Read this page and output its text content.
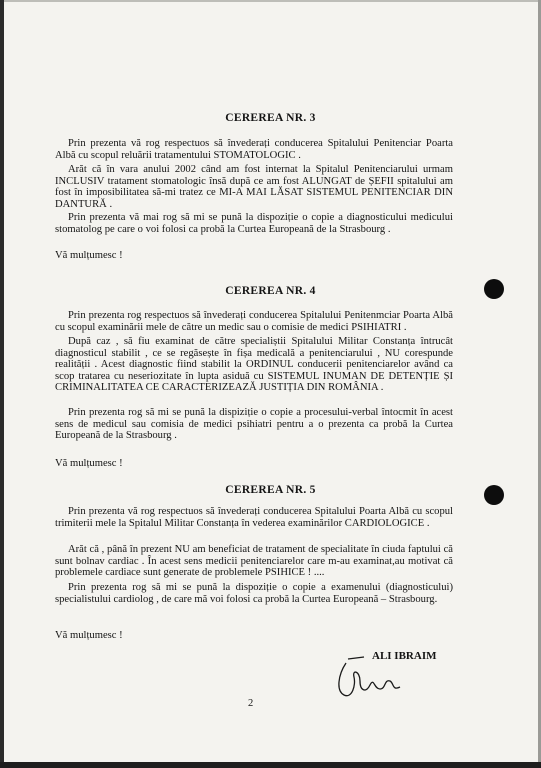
CEREREA NR. 3

Prin prezenta vă rog respectuos să învederați conducerea Spitalului Penitenciar Poarta Albă cu scopul reluării tratamentului STOMATOLOGIC .

Arăt că în vara anului 2002 când am fost internat la Spitalul Penitenciarului urmam INCLUSIV tratament stomatologic însă după ce am fost ALUNGAT de ȘEFII spitalului am fost în imposibilitatea să-mi tratez ce MI-A MAI LĂSAT SISTEMUL PENITENCIAR DIN DANTURĂ .

Prin prezenta vă mai rog să mi se pună la dispoziție o copie a diagnosticului medicului stomatolog pe care o voi folosi ca probă la Curtea Europeană de la Strasbourg .

Vă mulțumesc !

CEREREA NR. 4

Prin prezenta rog respectuos să învederați conducerea Spitalului Penitenmciar Poarta Albă cu scopul examinării mele de către un medic sau o comisie de medici PSIHIATRI .

După caz , să fiu examinat de către specialiștii Spitalului Militar Constanța întrucât diagnosticul stabilit , ce se regăsește în fișa medicală a penitenciarului , NU corespunde realității . Acest diagnostic fiind stabilit la ORDINUL conducerii penitenciarelor având ca scop tratarea cu neseriozitate în lupta asiduă cu SISTEMUL INUMAN DE DETENȚIE ȘI CRIMINALITATEA CE CARACTERIZEAZĂ JUSTIȚIA DIN ROMÂNIA .

Prin prezenta rog să mi se pună la dispiziție o copie a procesului-verbal întocmit în acest sens de medicul sau comisia de medici psihiatri pentru a o prezenta ca probă la Curtea Europeană de la Strasbourg .

Vă mulțumesc !

CEREREA NR. 5

Prin prezenta vă rog respectuos să învederați conducerea Spitalului Poarta Albă cu scopul trimiterii mele la Spitalul Militar Constanța în vederea examinărilor CARDIOLOGICE .

Arăt că , până în prezent NU am beneficiat de tratament de specialitate în ciuda faptului că sunt bolnav cardiac . În acest sens medicii penitenciarelor care m-au examinat,au motivat că problemele cardiace sunt generate de problemele PSIHICE ! ....

Prin prezenta rog să mi se pună la dispoziție o copie a examenului (diagnosticului) specialistului cardiolog , de care mă voi folosi ca probă la Curtea Europeană – Strasbourg.

Vă mulțumesc !

ALI IBRAIM
2
